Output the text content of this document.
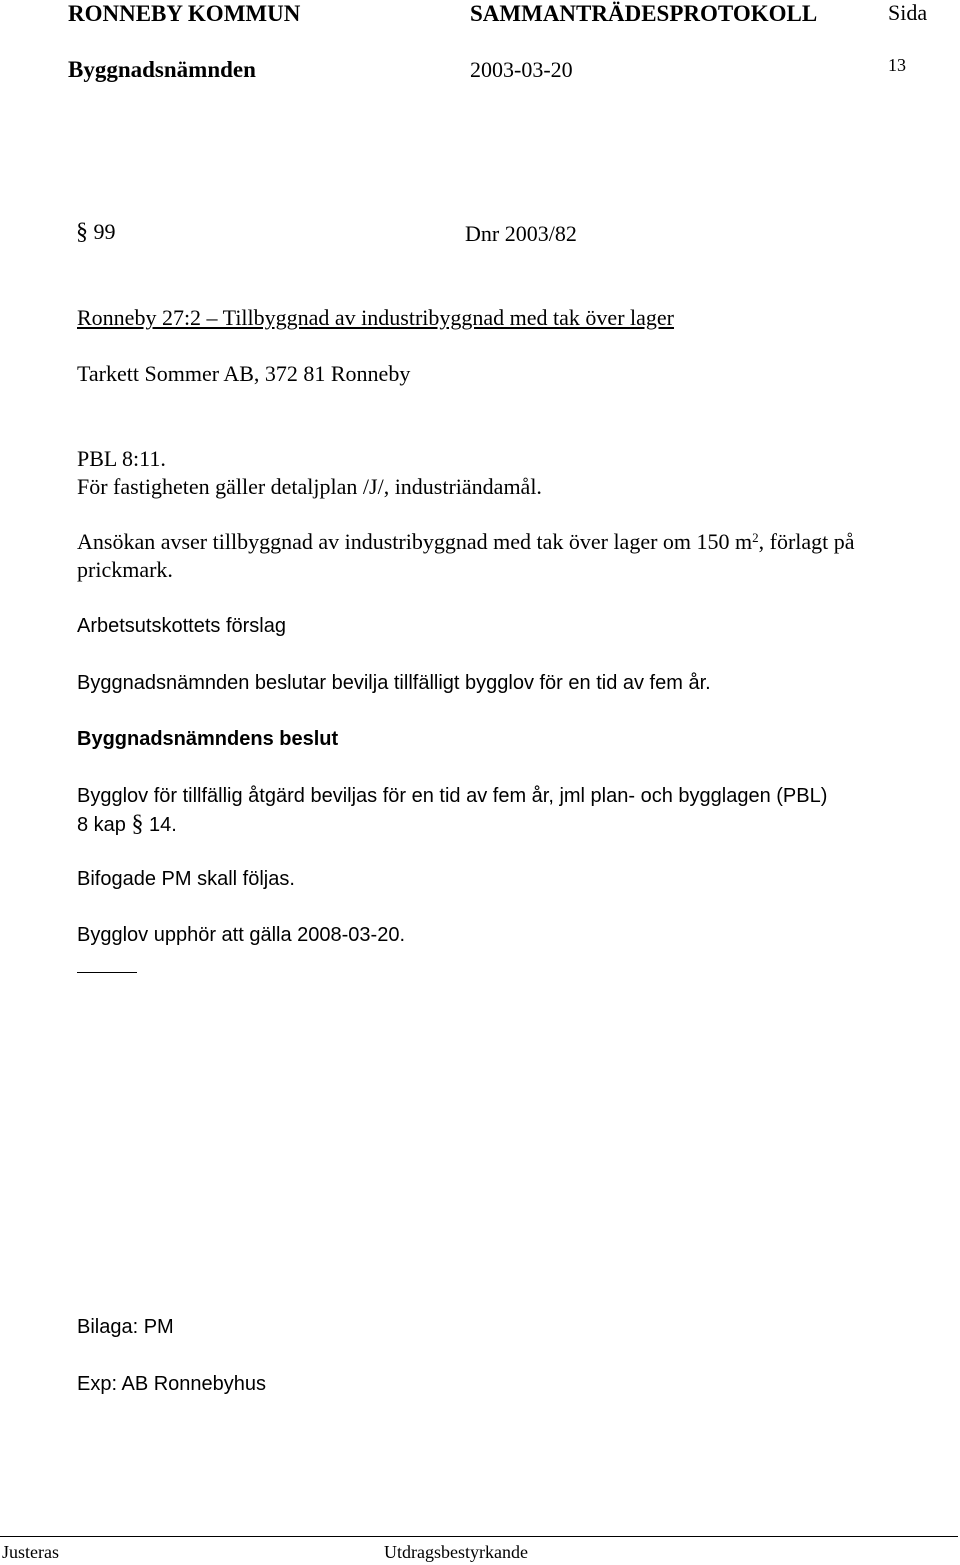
RONNEBY KOMMUN	SAMMANTRÄDESPROTOKOLL	Sida
Byggnadsnämnden	2003-03-20	13
§ 99	Dnr 2003/82
Ronneby 27:2 – Tillbyggnad av industribyggnad med tak över lager
Tarkett Sommer AB, 372 81 Ronneby
PBL 8:11.
För fastigheten gäller detaljplan /J/, industriändamål.
Ansökan avser tillbyggnad av industribyggnad med tak över lager om 150 $m^2$, förlagt på
prickmark.
Arbetsutskottets förslag
Byggnadsnämnden beslutar bevilja tillfälligt bygglov för en tid av fem år.
Byggnadsnämndens beslut
Bygglov för tillfällig åtgärd beviljas för en tid av fem år, jml plan- och bygglagen (PBL)
8 kap § 14.
Bifogade PM skall följas.
Bygglov upphör att gälla 2008-03-20.
Bilaga: PM
Exp: AB Ronnebyhus
Justeras	Utdragsbestyrkande
